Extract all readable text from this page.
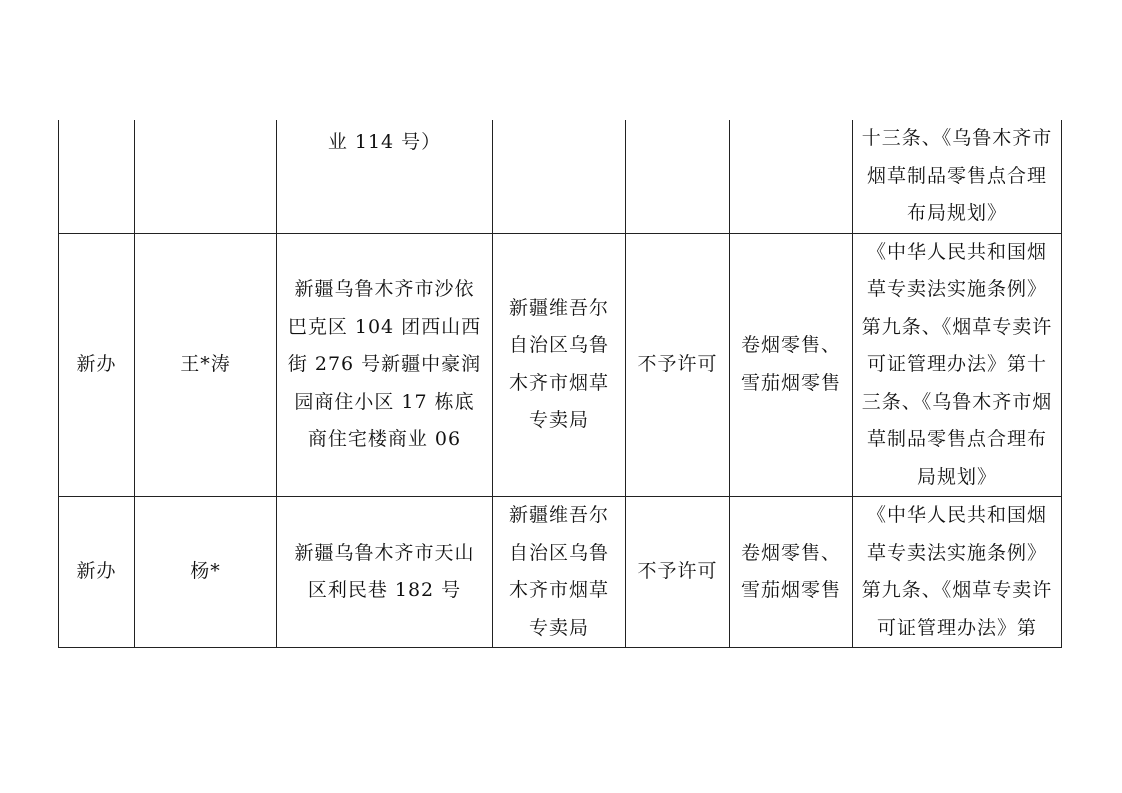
		业 114 号）				十三条、《乌鲁木齐市烟草制品零售点合理布局规划》

新办	王*涛	新疆乌鲁木齐市沙依巴克区 104 团西山西街 276 号新疆中豪润园商住小区 17 栋底商住宅楼商业 06	新疆维吾尔自治区乌鲁木齐市烟草专卖局	不予许可	卷烟零售、雪茄烟零售	《中华人民共和国烟草专卖法实施条例》第九条、《烟草专卖许可证管理办法》第十三条、《乌鲁木齐市烟草制品零售点合理布局规划》

新办	杨*	新疆乌鲁木齐市天山区利民巷 182 号	新疆维吾尔自治区乌鲁木齐市烟草专卖局	不予许可	卷烟零售、雪茄烟零售	《中华人民共和国烟草专卖法实施条例》第九条、《烟草专卖许可证管理办法》第
